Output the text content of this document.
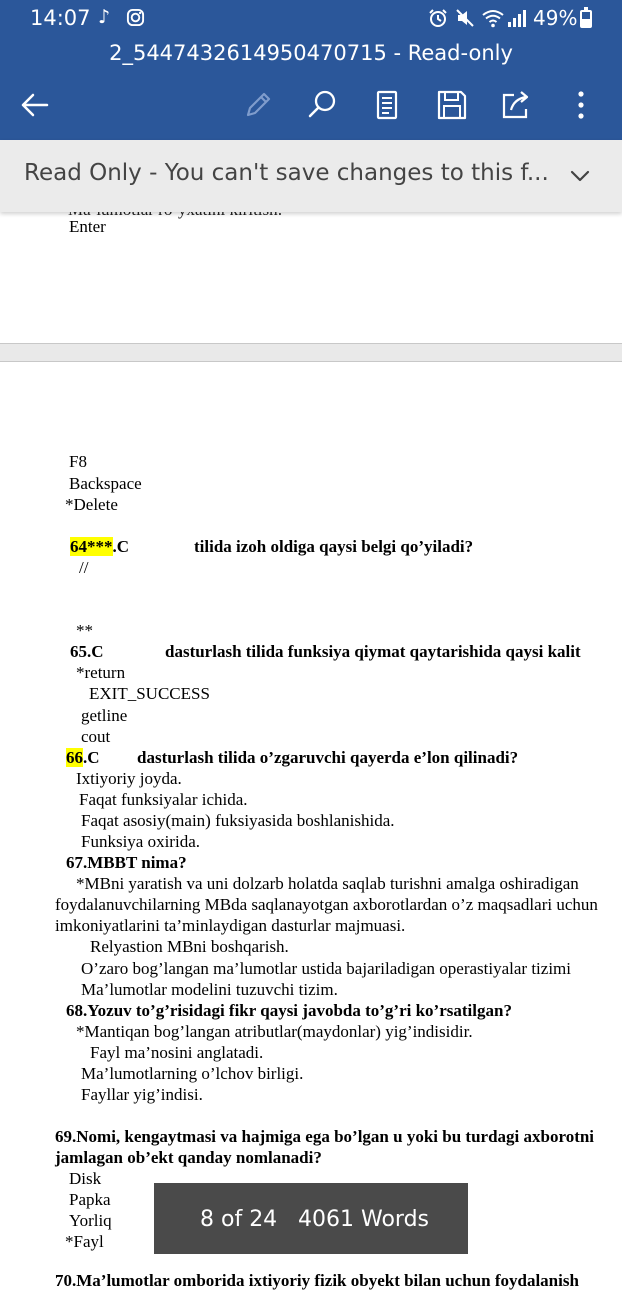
Enter
F8
Backspace
*Delete
64***.C	tilida izoh oldiga qaysi belgi qo’yiladi?
//
**
65.C	dasturlash tilida funksiya qiymat qaytarishida qaysi kalit
*return
EXIT_SUCCESS
getline
cout
66.C dasturlash tilida o’zgaruvchi qayerda e’lon qilinadi?
Ixtiyoriy joyda.
Faqat funksiyalar ichida.
Faqat asosiy(main) fuksiyasida boshlanishida.
Funksiya oxirida.
67.MBBT nima?
*MBni yaratish va uni dolzarb holatda saqlab turishni amalga oshiradigan
foydalanuvchilarning MBda saqlanayotgan axborotlardan o’z maqsadlari uchun
imkoniyatlarini ta’minlaydigan dasturlar majmuasi.
Relyastion MBni boshqarish.
O’zaro bog’langan ma’lumotlar ustida bajariladigan operastiyalar tizimi
Ma’lumotlar modelini tuzuvchi tizim.
68.Yozuv to’g’risidagi fikr qaysi javobda to’g’ri ko’rsatilgan?
*Mantiqan bog’langan atributlar(maydonlar) yig’indisidir.
Fayl ma’nosini anglatadi.
Ma’lumotlarning o’lchov birligi.
Fayllar yig’indisi.
69.Nomi, kengaytmasi va hajmiga ega bo’lgan u yoki bu turdagi axborotni
jamlagan ob’ekt qanday nomlanadi?
Disk
Papka
Yorliq
*Fayl
70.Ma’lumotlar omborida ixtiyoriy fizik obyekt bilan uchun foydalanish
14:07 ♪	49%
2_5447432614950470715 - Read-only
Read Only - You can't save changes to this f...
8 of 24 4061 Words
